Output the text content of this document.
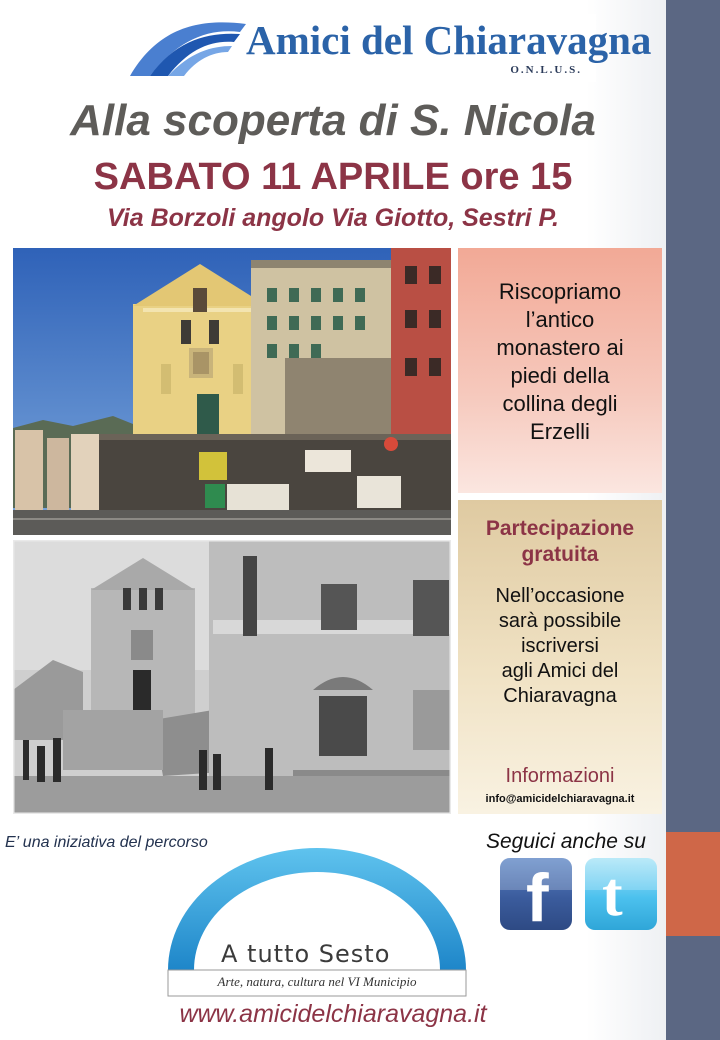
Amici del Chiaravagna
O.N.L.U.S.
Alla scoperta di S. Nicola
SABATO 11 APRILE ore 15
Via Borzoli angolo Via Giotto, Sestri P.
Riscopriamo
l’antico
monastero ai
piedi della
collina degli
Erzelli
Partecipazione
gratuita
Nell’occasione
sarà possibile
iscriversi
agli Amici del
Chiaravagna
Informazioni
info@amicidelchiaravagna.it
E’ una iniziativa del percorso	Seguici anche su
f t
A tutto Sesto
Arte, natura, cultura nel VI Municipio
www.amicidelchiaravagna.it
